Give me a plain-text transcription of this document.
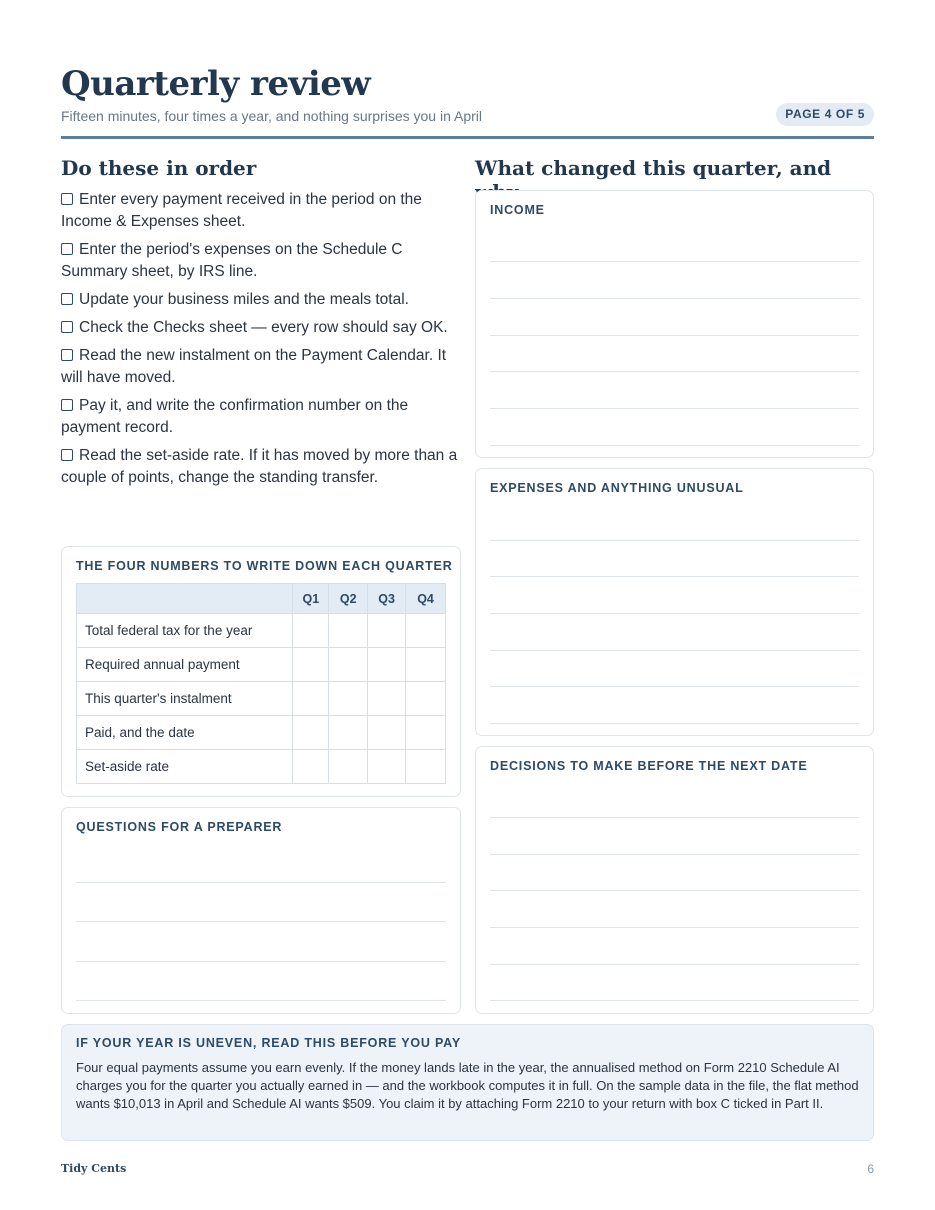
Quarterly review
Fifteen minutes, four times a year, and nothing surprises you in April	PAGE 4 OF 5
Do these in order
Enter every payment received in the period on the Income & Expenses sheet.
Enter the period's expenses on the Schedule C Summary sheet, by IRS line.
Update your business miles and the meals total.
Check the Checks sheet — every row should say OK.
Read the new instalment on the Payment Calendar. It will have moved.
Pay it, and write the confirmation number on the payment record.
Read the set-aside rate. If it has moved by more than a couple of points, change the standing transfer.
THE FOUR NUMBERS TO WRITE DOWN EACH QUARTER
	Q1	Q2	Q3	Q4
Total federal tax for the year				
Required annual payment				
This quarter's instalment				
Paid, and the date				
Set-aside rate				
QUESTIONS FOR A PREPARER
What changed this quarter, and
INCOME
EXPENSES AND ANYTHING UNUSUAL
DECISIONS TO MAKE BEFORE THE NEXT DATE
IF YOUR YEAR IS UNEVEN, READ THIS BEFORE YOU PAY
Four equal payments assume you earn evenly. If the money lands late in the year, the annualised method on Form 2210 Schedule AI charges you for the quarter you actually earned in — and the workbook computes it in full. On the sample data in the file, the flat method wants $10,013 in April and Schedule AI wants $509. You claim it by attaching Form 2210 to your return with box C ticked in Part II.
Tidy Cents	6
